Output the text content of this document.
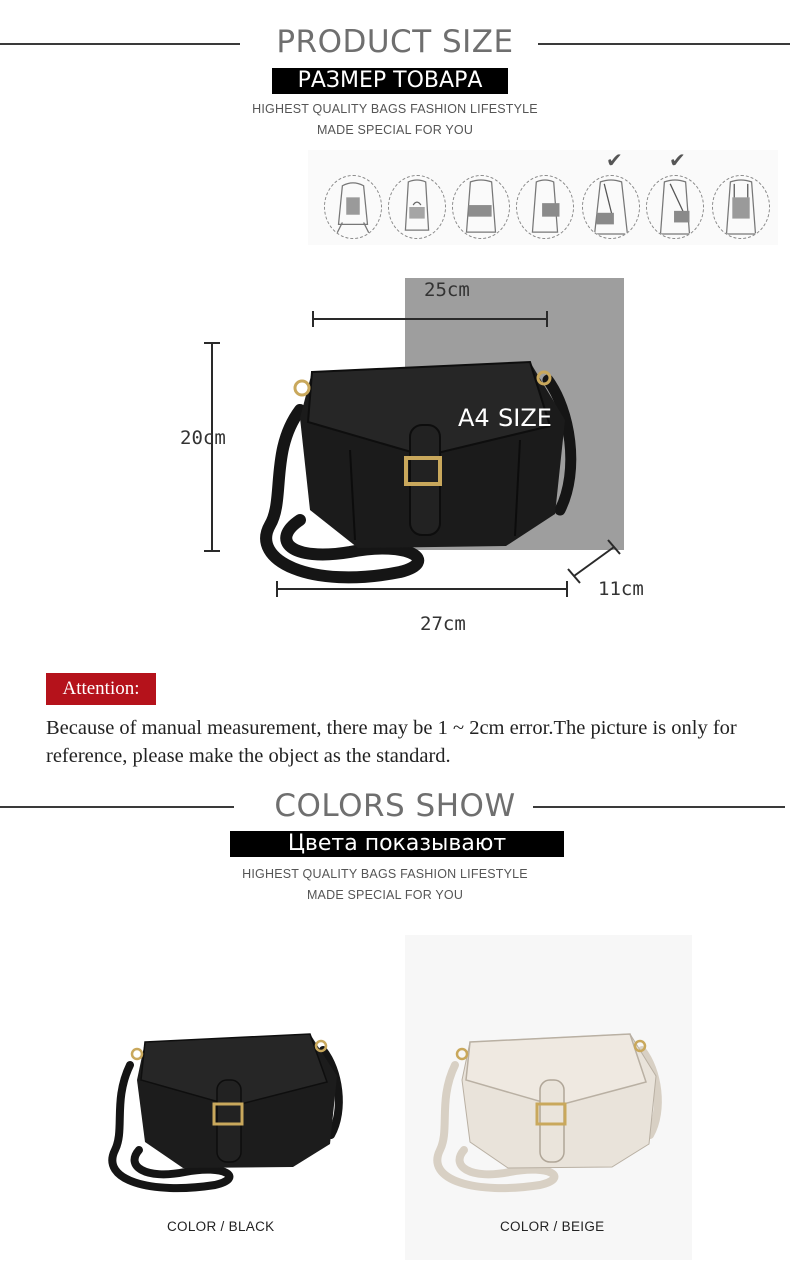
PRODUCT SIZE
РАЗМЕР ТОВАРА
HIGHEST QUALITY BAGS FASHION LIFESTYLE
MADE SPECIAL FOR YOU
✔ ✔
25cm
20cm
11cm
27cm
A4 SIZE
Attention:
Because of manual measurement, there may be 1 ~ 2cm error.The picture is only for reference, please make the object as the standard.
COLORS SHOW
Цвета показывают
HIGHEST QUALITY BAGS FASHION LIFESTYLE
MADE SPECIAL FOR YOU
COLOR / BLACK	COLOR / BEIGE
